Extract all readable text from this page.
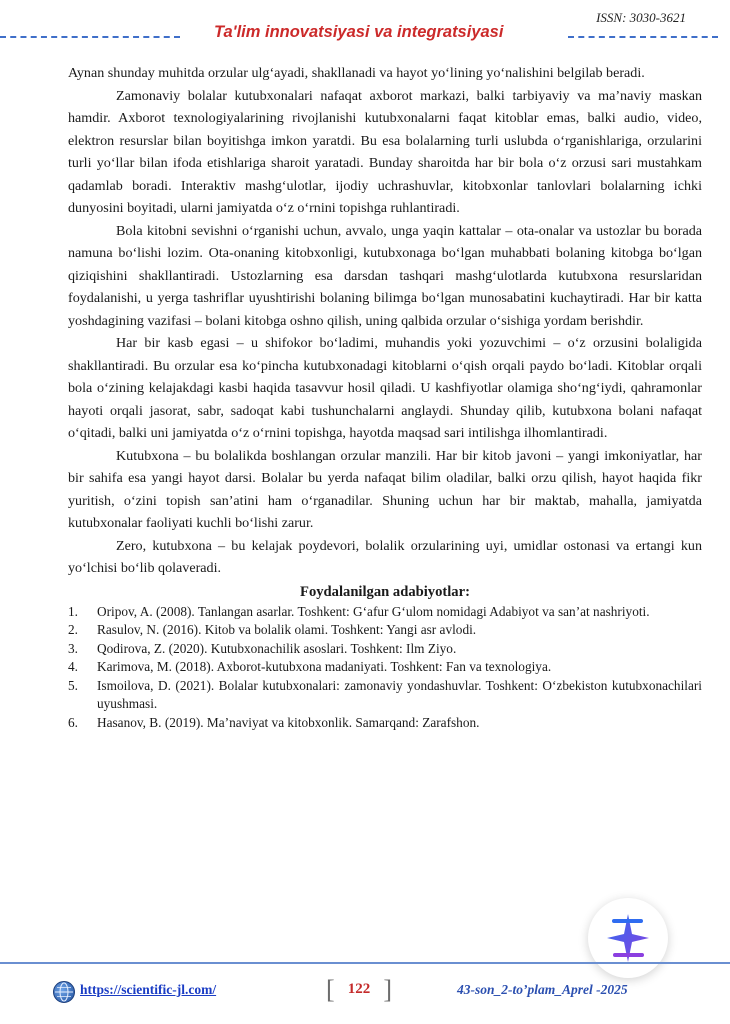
ISSN: 3030-3621
Ta'lim innovatsiyasi va integratsiyasi

Aynan shunday muhitda orzular ulg‘ayadi, shakllanadi va hayot yo‘lining yo‘nalishini belgilab beradi.

Zamonaviy bolalar kutubxonalari nafaqat axborot markazi, balki tarbiyaviy va ma’naviy maskan hamdir. Axborot texnologiyalarining rivojlanishi kutubxonalarni faqat kitoblar emas, balki audio, video, elektron resurslar bilan boyitishga imkon yaratdi. Bu esa bolalarning turli uslubda o‘rganishlariga, orzularini turli yo‘llar bilan ifoda etishlariga sharoit yaratadi. Bunday sharoitda har bir bola o‘z orzusi sari mustahkam qadamlab boradi. Interaktiv mashg‘ulotlar, ijodiy uchrashuvlar, kitobxonlar tanlovlari bolalarning ichki dunyosini boyitadi, ularni jamiyatda o‘z o‘rnini topishga ruhlantiradi.

Bola kitobni sevishni o‘rganishi uchun, avvalo, unga yaqin kattalar – ota-onalar va ustozlar bu borada namuna bo‘lishi lozim. Ota-onaning kitobxonligi, kutubxonaga bo‘lgan muhabbati bolaning kitobga bo‘lgan qiziqishini shakllantiradi. Ustozlarning esa darsdan tashqari mashg‘ulotlarda kutubxona resurslaridan foydalanishi, u yerga tashriflar uyushtirishi bolaning bilimga bo‘lgan munosabatini kuchaytiradi. Har bir katta yoshdagining vazifasi – bolani kitobga oshno qilish, uning qalbida orzular o‘sishiga yordam berishdir.

Har bir kasb egasi – u shifokor bo‘ladimi, muhandis yoki yozuvchimi – o‘z orzusini bolaligida shakllantiradi. Bu orzular esa ko‘pincha kutubxonadagi kitoblarni o‘qish orqali paydo bo‘ladi. Kitoblar orqali bola o‘zining kelajakdagi kasbi haqida tasavvur hosil qiladi. U kashfiyotlar olamiga sho‘ng‘iydi, qahramonlar hayoti orqali jasorat, sabr, sadoqat kabi tushunchalarni anglaydi. Shunday qilib, kutubxona bolani nafaqat o‘qitadi, balki uni jamiyatda o‘z o‘rnini topishga, hayotda maqsad sari intilishga ilhomlantiradi.

Kutubxona – bu bolalikda boshlangan orzular manzili. Har bir kitob javoni – yangi imkoniyatlar, har bir sahifa esa yangi hayot darsi. Bolalar bu yerda nafaqat bilim oladilar, balki orzu qilish, hayot haqida fikr yuritish, o‘zini topish san’atini ham o‘rganadilar. Shuning uchun har bir maktab, mahalla, jamiyatda kutubxonalar faoliyati kuchli bo‘lishi zarur.

Zero, kutubxona – bu kelajak poydevori, bolalik orzularining uyi, umidlar ostonasi va ertangi kun yo‘lchisi bo‘lib qolaveradi.

Foydalanilgan adabiyotlar:
1. Oripov, A. (2008). Tanlangan asarlar. Toshkent: G‘afur G‘ulom nomidagi Adabiyot va san’at nashriyoti.
2. Rasulov, N. (2016). Kitob va bolalik olami. Toshkent: Yangi asr avlodi.
3. Qodirova, Z. (2020). Kutubxonachilik asoslari. Toshkent: Ilm Ziyo.
4. Karimova, M. (2018). Axborot-kutubxona madaniyati. Toshkent: Fan va texnologiya.
5. Ismoilova, D. (2021). Bolalar kutubxonalari: zamonaviy yondashuvlar. Toshkent: O‘zbekiston kutubxonachilari uyushmasi.
6. Hasanov, B. (2019). Ma’naviyat va kitobxonlik. Samarqand: Zarafshon.
https://scientific-jl.com/	[ 122 ]	43-son_2-to’plam_Aprel -2025
